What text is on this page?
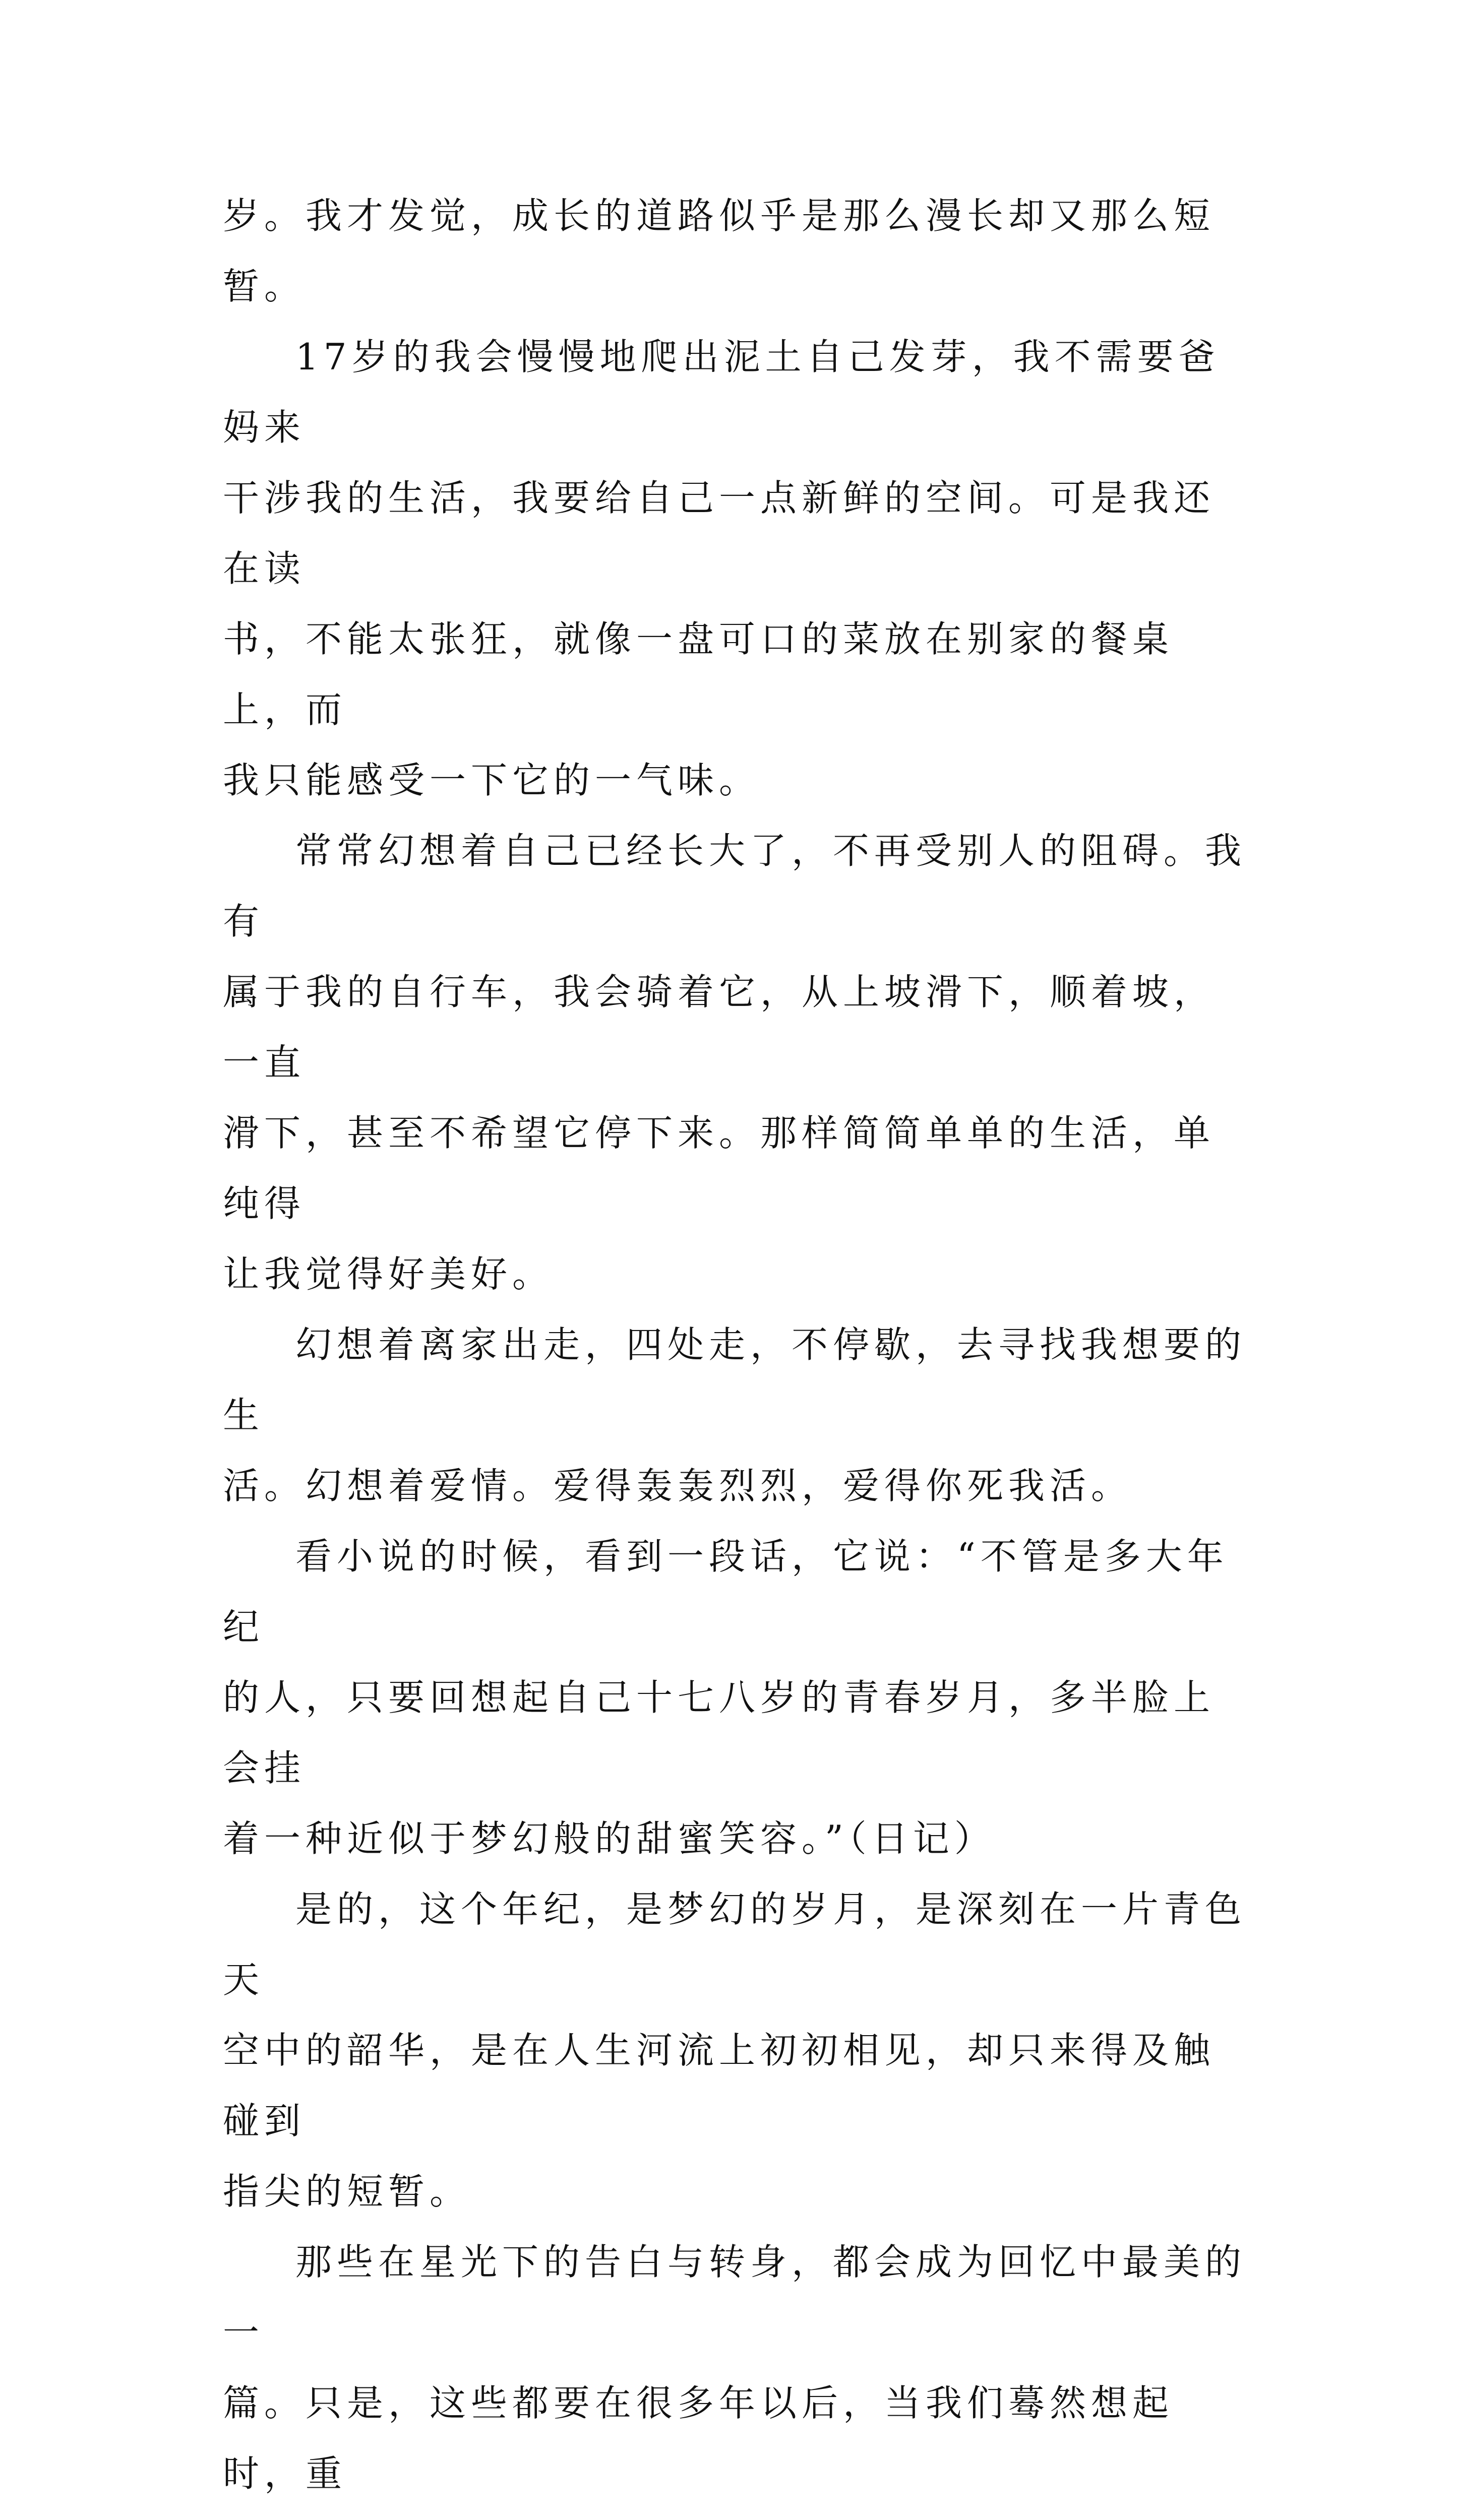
岁。我才发觉，成长的道路似乎是那么漫长却又那么短暂。

17岁的我会慢慢地爬出泥土自己发芽，我不需要爸妈来
干涉我的生活，我要给自己一点新鲜的空间。可是我还在读
书，不能太张狂，就像一盘可口的菜放在别家的餐桌上，而
我只能感受一下它的一气味。

常常幻想着自己已经长大了，不再受别人的阻碍。我有
属于我的自行车，我会骑着它，从上坡滑下，顺着坡，一直
滑下，甚至不希望它停下来。那样简简单单的生活，单纯得
让我觉得好美好。

幻想着离家出走，四处走，不停歇，去寻找我想要的生
活。幻想着爱情。爱得轰轰烈烈，爱得你死我活。

看小说的时候，看到一段话，它说：“不管是多大年纪
的人，只要回想起自己十七八岁的青春岁月，多半脸上会挂
着一种近似于梦幻般的甜蜜笑容。”（日记）

是的，这个年纪，是梦幻的岁月，是深刻在一片青色天
空中的韶华，是在人生河流上初初相见，却只来得及触碰到
指尖的短暂。

那些在星光下的告白与转身，都会成为回忆中最美的一
篇。只是，这些都要在很多年以后，当我们蓦然想起时，重
